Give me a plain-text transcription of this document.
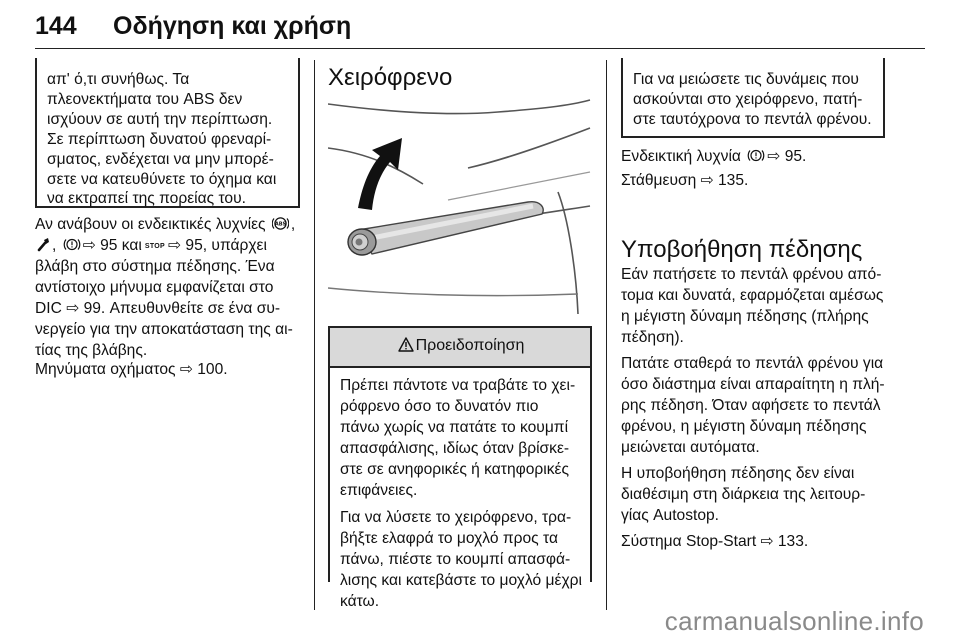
144 Οδήγηση και χρήση
απ' ό,τι συνήθως. Τα
πλεονεκτήματα του ABS δεν
ισχύουν σε αυτή την περίπτωση.
Σε περίπτωση δυνατού φρεναρί-
σματος, ενδέχεται να μην μπορέ-
σετε να κατευθύνετε το όχημα και
να εκτραπεί της πορείας του.
Αν ανάβουν οι ενδεικτικές λυχνίες ABS ,
, ⇨ 95 και STOP ⇨ 95, υπάρχει
βλάβη στο σύστημα πέδησης. Ένα
αντίστοιχο μήνυμα εμφανίζεται στο
DIC ⇨ 99. Απευθυνθείτε σε ένα συ-
νεργείο για την αποκατάσταση της αι-
τίας της βλάβης.
Μηνύματα οχήματος ⇨ 100.
Χειρόφρενο
Προειδοποίηση
Πρέπει πάντοτε να τραβάτε το χει-
ρόφρενο όσο το δυνατόν πιο
πάνω χωρίς να πατάτε το κουμπί
απασφάλισης, ιδίως όταν βρίσκε-
στε σε ανηφορικές ή κατηφορικές
επιφάνειες.
Για να λύσετε το χειρόφρενο, τρα-
βήξτε ελαφρά το μοχλό προς τα
πάνω, πιέστε το κουμπί απασφά-
λισης και κατεβάστε το μοχλό μέχρι
κάτω.
Για να μειώσετε τις δυνάμεις που
ασκούνται στο χειρόφρενο, πατή-
στε ταυτόχρονα το πεντάλ φρένου.
Ενδεικτική λυχνία ⇨ 95.
Στάθμευση ⇨ 135.
Υποβοήθηση πέδησης
Εάν πατήσετε το πεντάλ φρένου από-
τομα και δυνατά, εφαρμόζεται αμέσως
η μέγιστη δύναμη πέδησης (πλήρης
πέδηση).
Πατάτε σταθερά το πεντάλ φρένου για
όσο διάστημα είναι απαραίτητη η πλή-
ρης πέδηση. Όταν αφήσετε το πεντάλ
φρένου, η μέγιστη δύναμη πέδησης
μειώνεται αυτόματα.
Η υποβοήθηση πέδησης δεν είναι
διαθέσιμη στη διάρκεια της λειτουρ-
γίας Autostop.
Σύστημα Stop-Start ⇨ 133.
carmanualsonline.info
